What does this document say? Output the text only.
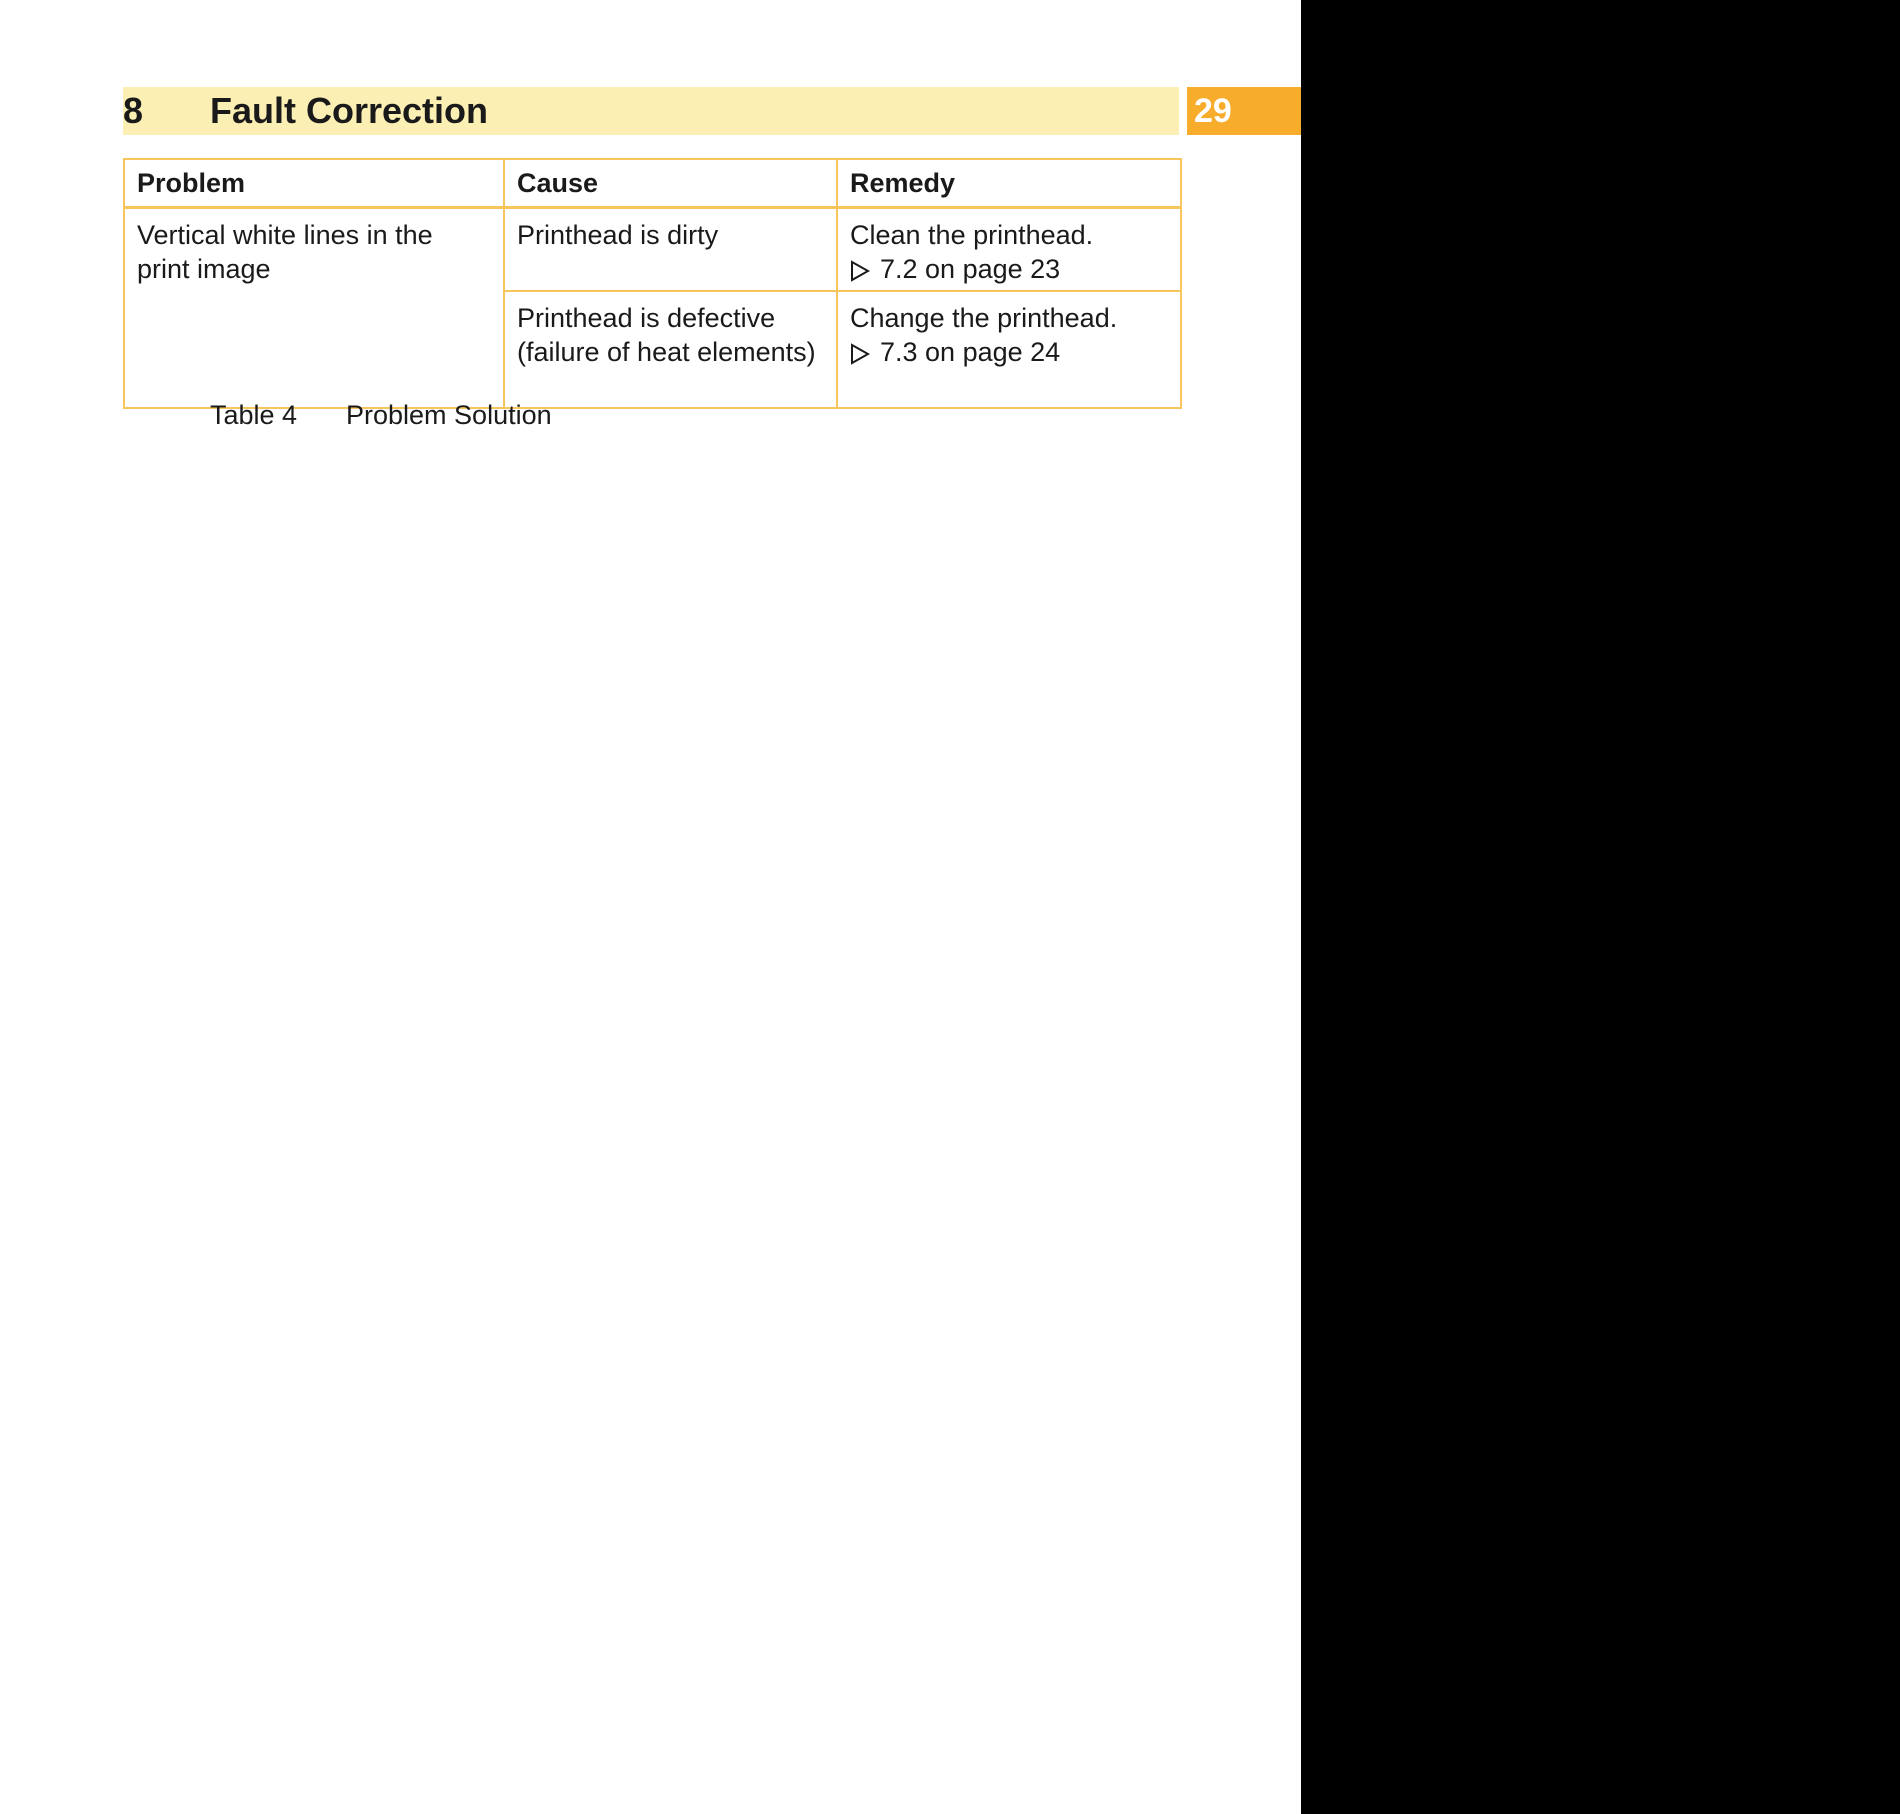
8 Fault Correction	29
Problem	Cause	Remedy
Vertical white lines in the print image	Printhead is dirty	Clean the printhead.
7.2 on page 23

	Printhead is defective (failure of heat elements)	Change the printhead.
7.3 on page 24
Table 4 Problem Solution
